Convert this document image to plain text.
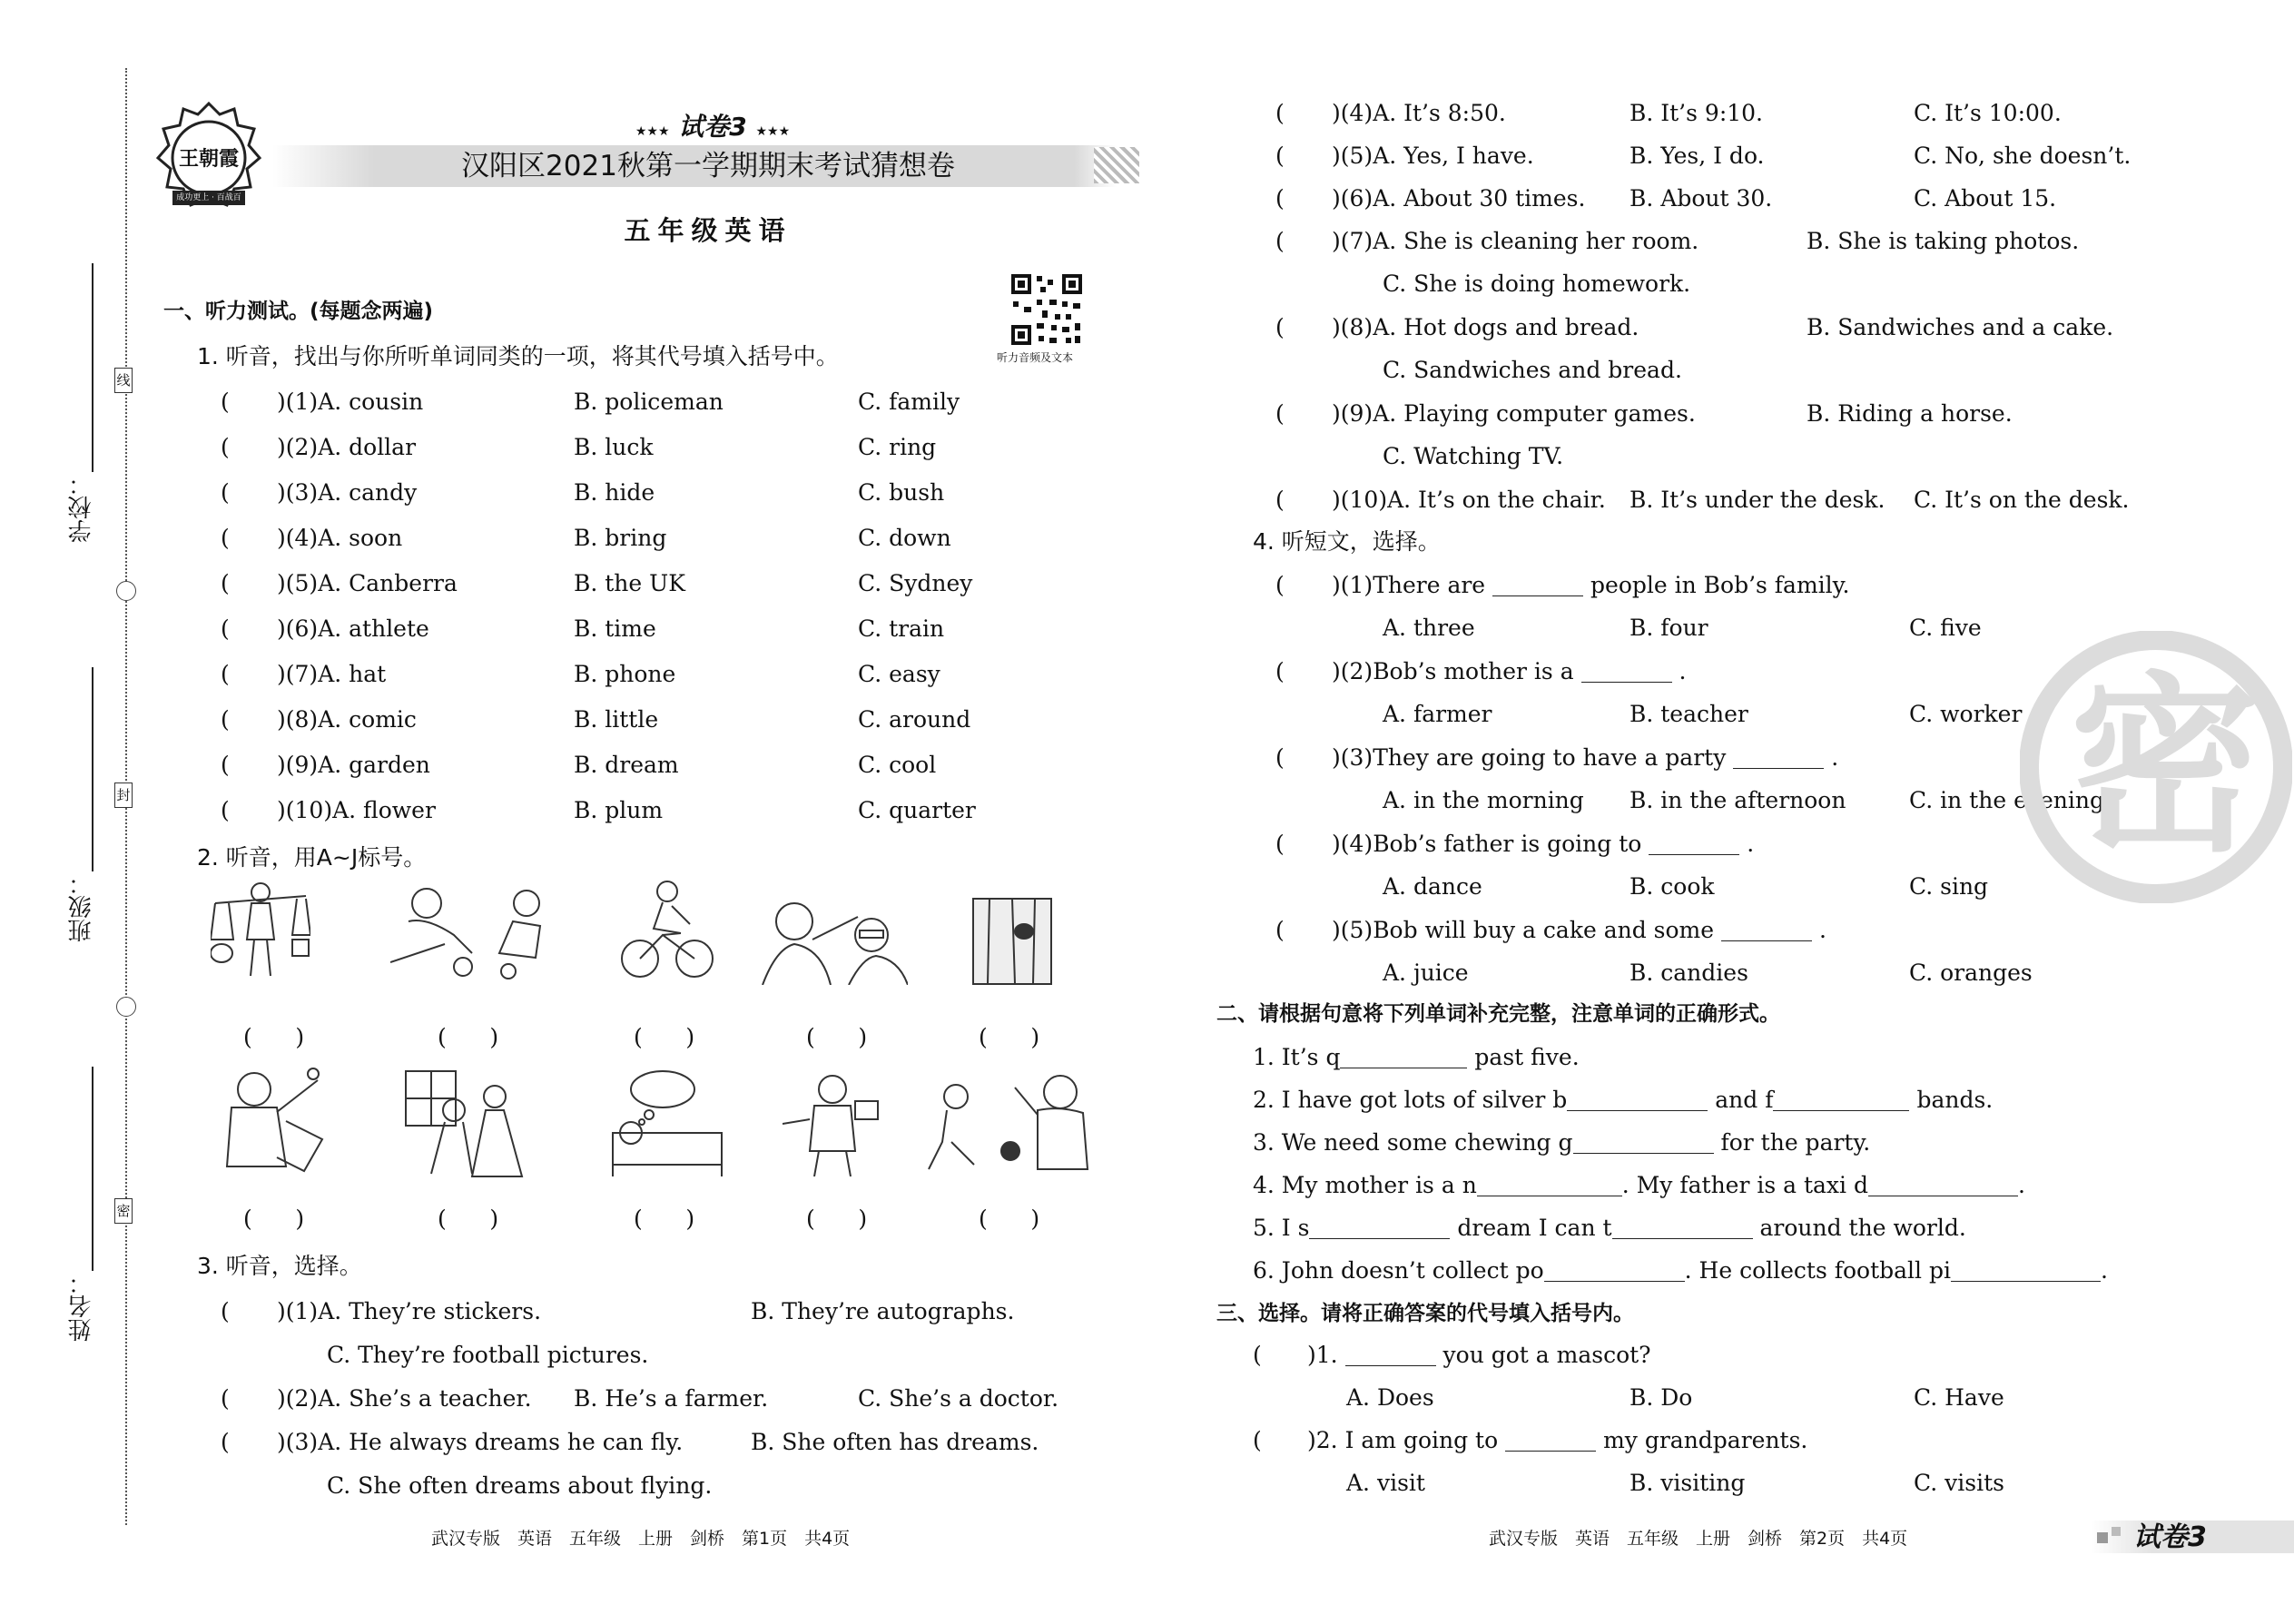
线
封
密
学校：
班级：
姓名：
王朝霞
成功更上 · 百战百胜
★★★ 试卷3 ★★★
汉阳区2021秋第一学期期末考试猜想卷
五年级英语
听力音频及文本
一、听力测试。(每题念两遍)
1. 听音，找出与你所听单词同类的一项，将其代号填入括号中。
( )(1)A. cousin	B. policeman	C. family
( )(2)A. dollar	B. luck	C. ring
( )(3)A. candy	B. hide	C. bush
( )(4)A. soon	B. bring	C. down
( )(5)A. Canberra	B. the UK	C. Sydney
( )(6)A. athlete	B. time	C. train
( )(7)A. hat	B. phone	C. easy
( )(8)A. comic	B. little	C. around
( )(9)A. garden	B. dream	C. cool
( )(10)A. flower	B. plum	C. quarter
2. 听音，用A~J标号。
(      )	(      )	(      )	(      )	(      )
(      )	(      )	(      )	(      )	(      )
3. 听音，选择。
( )(1)A. They’re stickers.	B. They’re autographs.
C. They’re football pictures.
( )(2)A. She’s a teacher. B. He’s a farmer.	C. She’s a doctor.
( )(3)A. He always dreams he can fly.	B. She often has dreams.
C. She often dreams about flying.
( )(4)A. It’s 8:50.	B. It’s 9:10.	C. It’s 10:00.
( )(5)A. Yes, I have.	B. Yes, I do.	C. No, she doesn’t.
( )(6)A. About 30 times. B. About 30.	C. About 15.
( )(7)A. She is cleaning her room.	B. She is taking photos.
C. She is doing homework.
( )(8)A. Hot dogs and bread.	B. Sandwiches and a cake.
C. Sandwiches and bread.
( )(9)A. Playing computer games.	B. Riding a horse.
C. Watching TV.
( )(10)A. It’s on the chair. B. It’s under the desk. C. It’s on the desk.
4. 听短文，选择。
( )(1)There are	people in Bob’s family.
A. three	B. four	C. five
( )(2)Bob’s mother is a	.
A. farmer	B. teacher	C. worker
( )(3)They are going to have a party	.
A. in the morning B. in the afternoon	C. in the evening
( )(4)Bob’s father is going to	.
A. dance	B. cook	C. sing
( )(5)Bob will buy a cake and some	.
A. juice	B. candies	C. oranges
二、请根据句意将下列单词补充完整，注意单词的正确形式。
1. It’s q	past five.
2. I have got lots of silver b	and f	bands.
3. We need some chewing g	for the party.
4. My mother is a n	. My father is a taxi d	.
5. I s	dream I can t	around the world.
6. John doesn’t collect po	. He collects football pi	.
三、选择。请将正确答案的代号填入括号内。
( )1.	you got a mascot?
A. Does	B. Do	C. Have
( )2. I am going to	my grandparents.
A. visit	B. visiting	C. visits
密
武汉专版　英语　五年级　上册　剑桥　第1页　共4页	武汉专版　英语　五年级　上册　剑桥　第2页　共4页	试卷3
